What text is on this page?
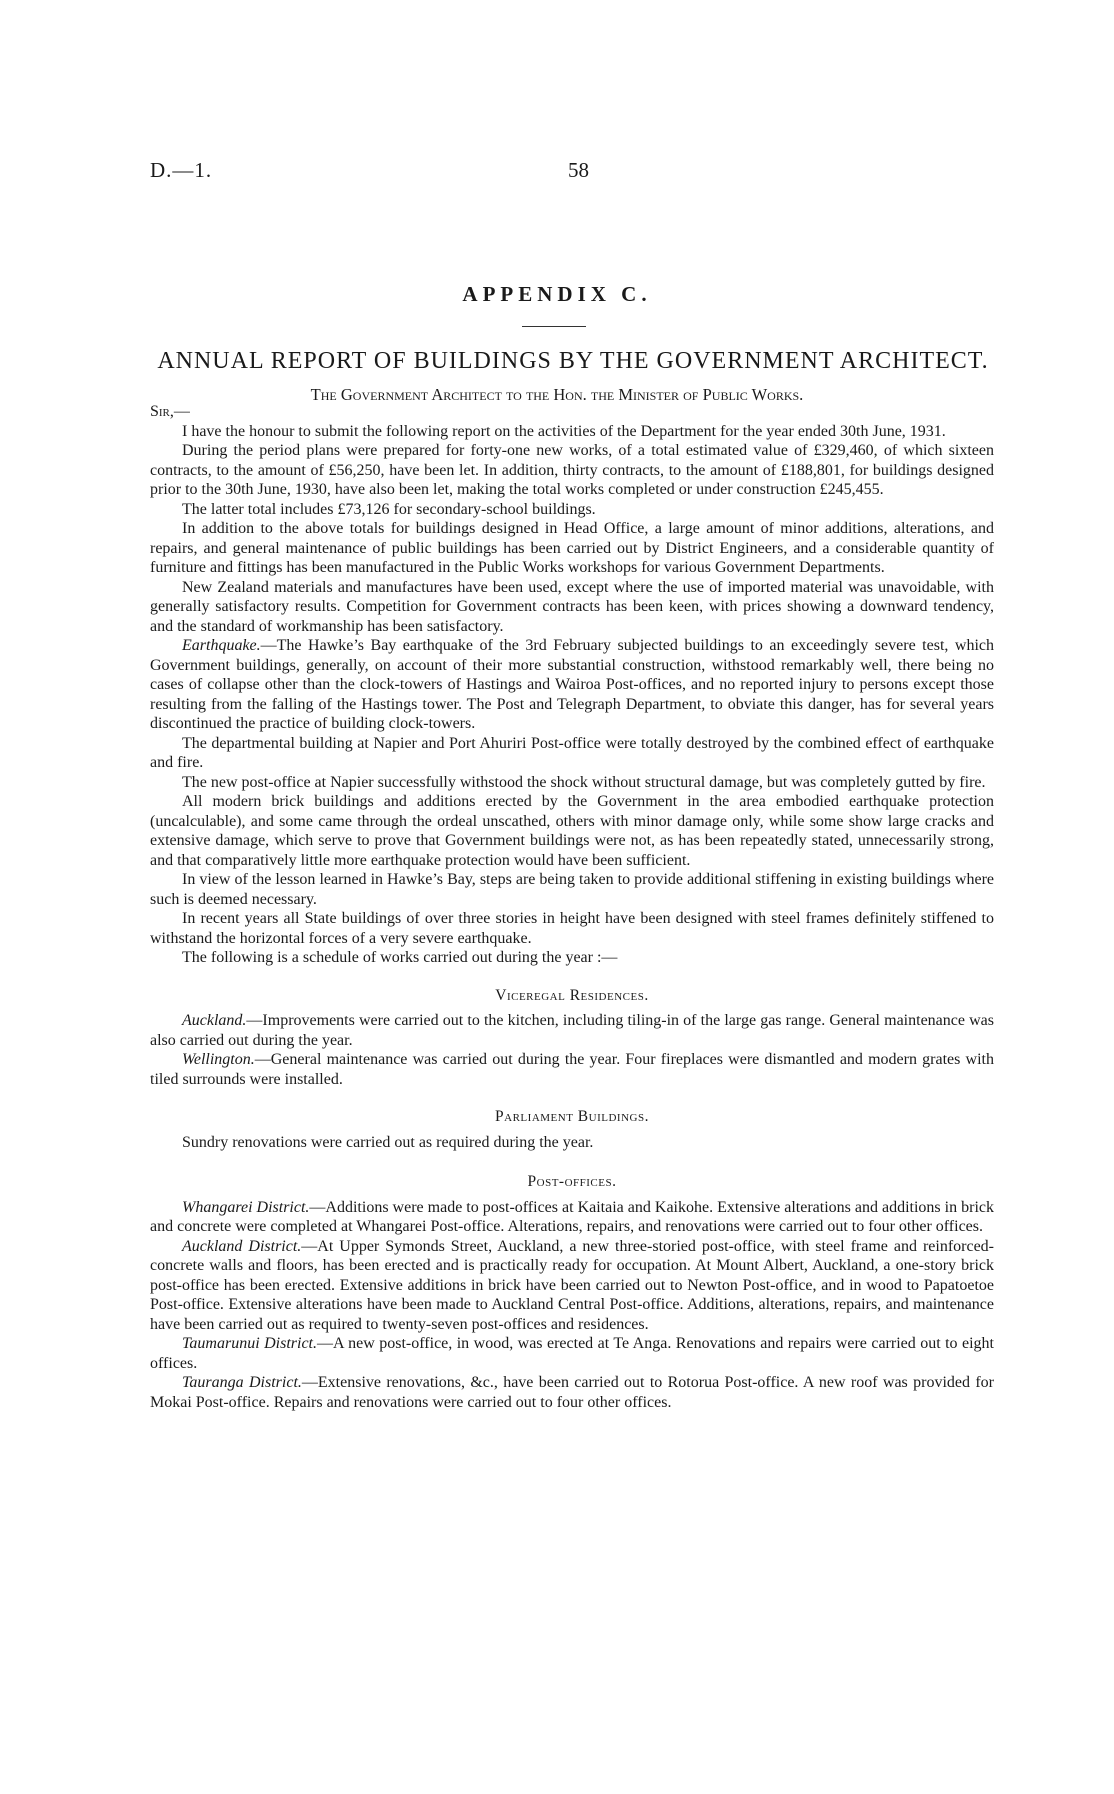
D.—1.	58
APPENDIX C.
ANNUAL REPORT OF BUILDINGS BY THE GOVERNMENT ARCHITECT.
The Government Architect to the Hon. the Minister of Public Works.

Sir,—

I have the honour to submit the following report on the activities of the Department for the year ended 30th June, 1931.

During the period plans were prepared for forty-one new works, of a total estimated value of £329,460, of which sixteen contracts, to the amount of £56,250, have been let. In addition, thirty contracts, to the amount of £188,801, for buildings designed prior to the 30th June, 1930, have also been let, making the total works completed or under construction £245,455.

The latter total includes £73,126 for secondary-school buildings.

In addition to the above totals for buildings designed in Head Office, a large amount of minor additions, alterations, and repairs, and general maintenance of public buildings has been carried out by District Engineers, and a considerable quantity of furniture and fittings has been manufactured in the Public Works workshops for various Government Departments.

New Zealand materials and manufactures have been used, except where the use of imported material was unavoidable, with generally satisfactory results. Competition for Government contracts has been keen, with prices showing a downward tendency, and the standard of workmanship has been satisfactory.

Earthquake.—The Hawke’s Bay earthquake of the 3rd February subjected buildings to an exceedingly severe test, which Government buildings, generally, on account of their more substantial construction, withstood remarkably well, there being no cases of collapse other than the clock-towers of Hastings and Wairoa Post-offices, and no reported injury to persons except those resulting from the falling of the Hastings tower. The Post and Telegraph Department, to obviate this danger, has for several years discontinued the practice of building clock-towers.

The departmental building at Napier and Port Ahuriri Post-office were totally destroyed by the combined effect of earthquake and fire.

The new post-office at Napier successfully withstood the shock without structural damage, but was completely gutted by fire.

All modern brick buildings and additions erected by the Government in the area embodied earthquake protection (uncalculable), and some came through the ordeal unscathed, others with minor damage only, while some show large cracks and extensive damage, which serve to prove that Government buildings were not, as has been repeatedly stated, unnecessarily strong, and that comparatively little more earthquake protection would have been sufficient.

In view of the lesson learned in Hawke’s Bay, steps are being taken to provide additional stiffening in existing buildings where such is deemed necessary.

In recent years all State buildings of over three stories in height have been designed with steel frames definitely stiffened to withstand the horizontal forces of a very severe earthquake.

The following is a schedule of works carried out during the year :—

Viceregal Residences.

Auckland.—Improvements were carried out to the kitchen, including tiling-in of the large gas range. General maintenance was also carried out during the year.

Wellington.—General maintenance was carried out during the year. Four fireplaces were dismantled and modern grates with tiled surrounds were installed.

Parliament Buildings.

Sundry renovations were carried out as required during the year.

Post-offices.

Whangarei District.—Additions were made to post-offices at Kaitaia and Kaikohe. Extensive alterations and additions in brick and concrete were completed at Whangarei Post-office. Alterations, repairs, and renovations were carried out to four other offices.

Auckland District.—At Upper Symonds Street, Auckland, a new three-storied post-office, with steel frame and reinforced-concrete walls and floors, has been erected and is practically ready for occupation. At Mount Albert, Auckland, a one-story brick post-office has been erected. Extensive additions in brick have been carried out to Newton Post-office, and in wood to Papatoetoe Post-office. Extensive alterations have been made to Auckland Central Post-office. Additions, alterations, repairs, and maintenance have been carried out as required to twenty-seven post-offices and residences.

Taumarunui District.—A new post-office, in wood, was erected at Te Anga. Renovations and repairs were carried out to eight offices.

Tauranga District.—Extensive renovations, &c., have been carried out to Rotorua Post-office. A new roof was provided for Mokai Post-office. Repairs and renovations were carried out to four other offices.
